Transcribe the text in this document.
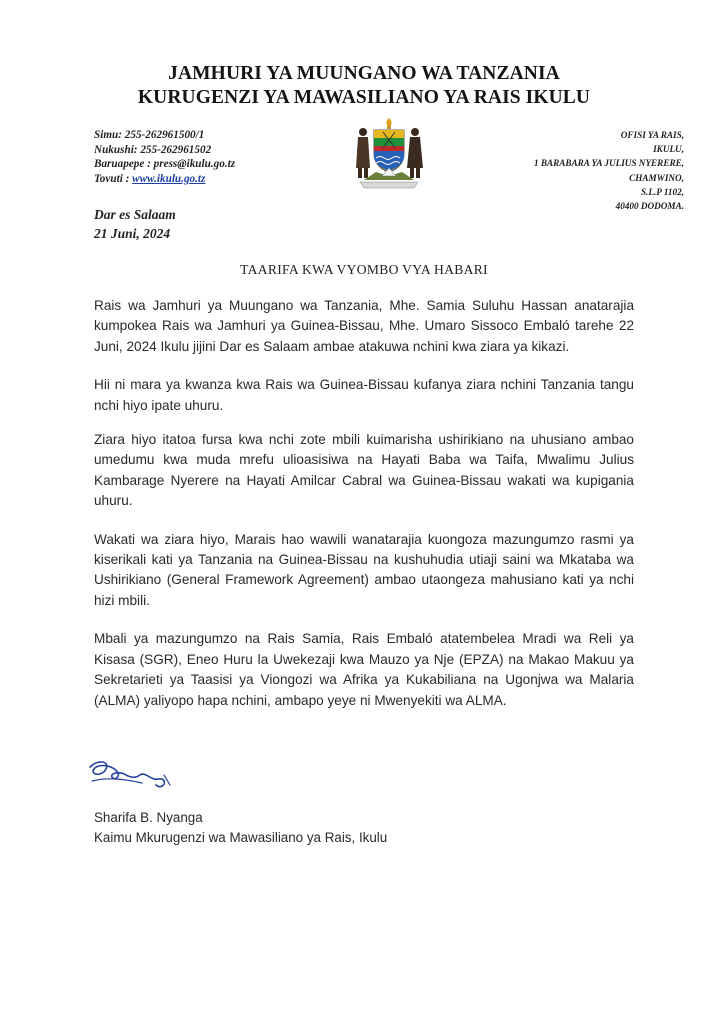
JAMHURI YA MUUNGANO WA TANZANIA
KURUGENZI YA MAWASILIANO YA RAIS IKULU
Simu: 255-262961500/1
Nukushi: 255-262961502
Baruapepe : press@ikulu.go.tz
Tovuti : www.ikulu.go.tz
OFISI YA RAIS,
IKULU,
1 BARABARA YA JULIUS NYERERE,
CHAMWINO,
S.L.P 1102,
40400 DODOMA.
Dar es Salaam
21 Juni, 2024
TAARIFA KWA VYOMBO VYA HABARI

Rais wa Jamhuri ya Muungano wa Tanzania, Mhe. Samia Suluhu Hassan anatarajia kumpokea Rais wa Jamhuri ya Guinea-Bissau, Mhe. Umaro Sissoco Embaló tarehe 22 Juni, 2024 Ikulu jijini Dar es Salaam ambae atakuwa nchini kwa ziara ya kikazi.

Hii ni mara ya kwanza kwa Rais wa Guinea-Bissau kufanya ziara nchini Tanzania tangu nchi hiyo ipate uhuru.

Ziara hiyo itatoa fursa kwa nchi zote mbili kuimarisha ushirikiano na uhusiano ambao umedumu kwa muda mrefu ulioasisiwa na Hayati Baba wa Taifa, Mwalimu Julius Kambarage Nyerere na Hayati Amilcar Cabral wa Guinea-Bissau wakati wa kupigania uhuru.

Wakati wa ziara hiyo, Marais hao wawili wanatarajia kuongoza mazungumzo rasmi ya kiserikali kati ya Tanzania na Guinea-Bissau na kushuhudia utiaji saini wa Mkataba wa Ushirikiano (General Framework Agreement) ambao utaongeza mahusiano kati ya nchi hizi mbili.

Mbali ya mazungumzo na Rais Samia, Rais Embaló atatembelea Mradi wa Reli ya Kisasa (SGR), Eneo Huru la Uwekezaji kwa Mauzo ya Nje (EPZA) na Makao Makuu ya Sekretarieti ya Taasisi ya Viongozi wa Afrika ya Kukabiliana na Ugonjwa wa Malaria (ALMA) yaliyopo hapa nchini, ambapo yeye ni Mwenyekiti wa ALMA.

Sharifa B. Nyanga
Kaimu Mkurugenzi wa Mawasiliano ya Rais, Ikulu
